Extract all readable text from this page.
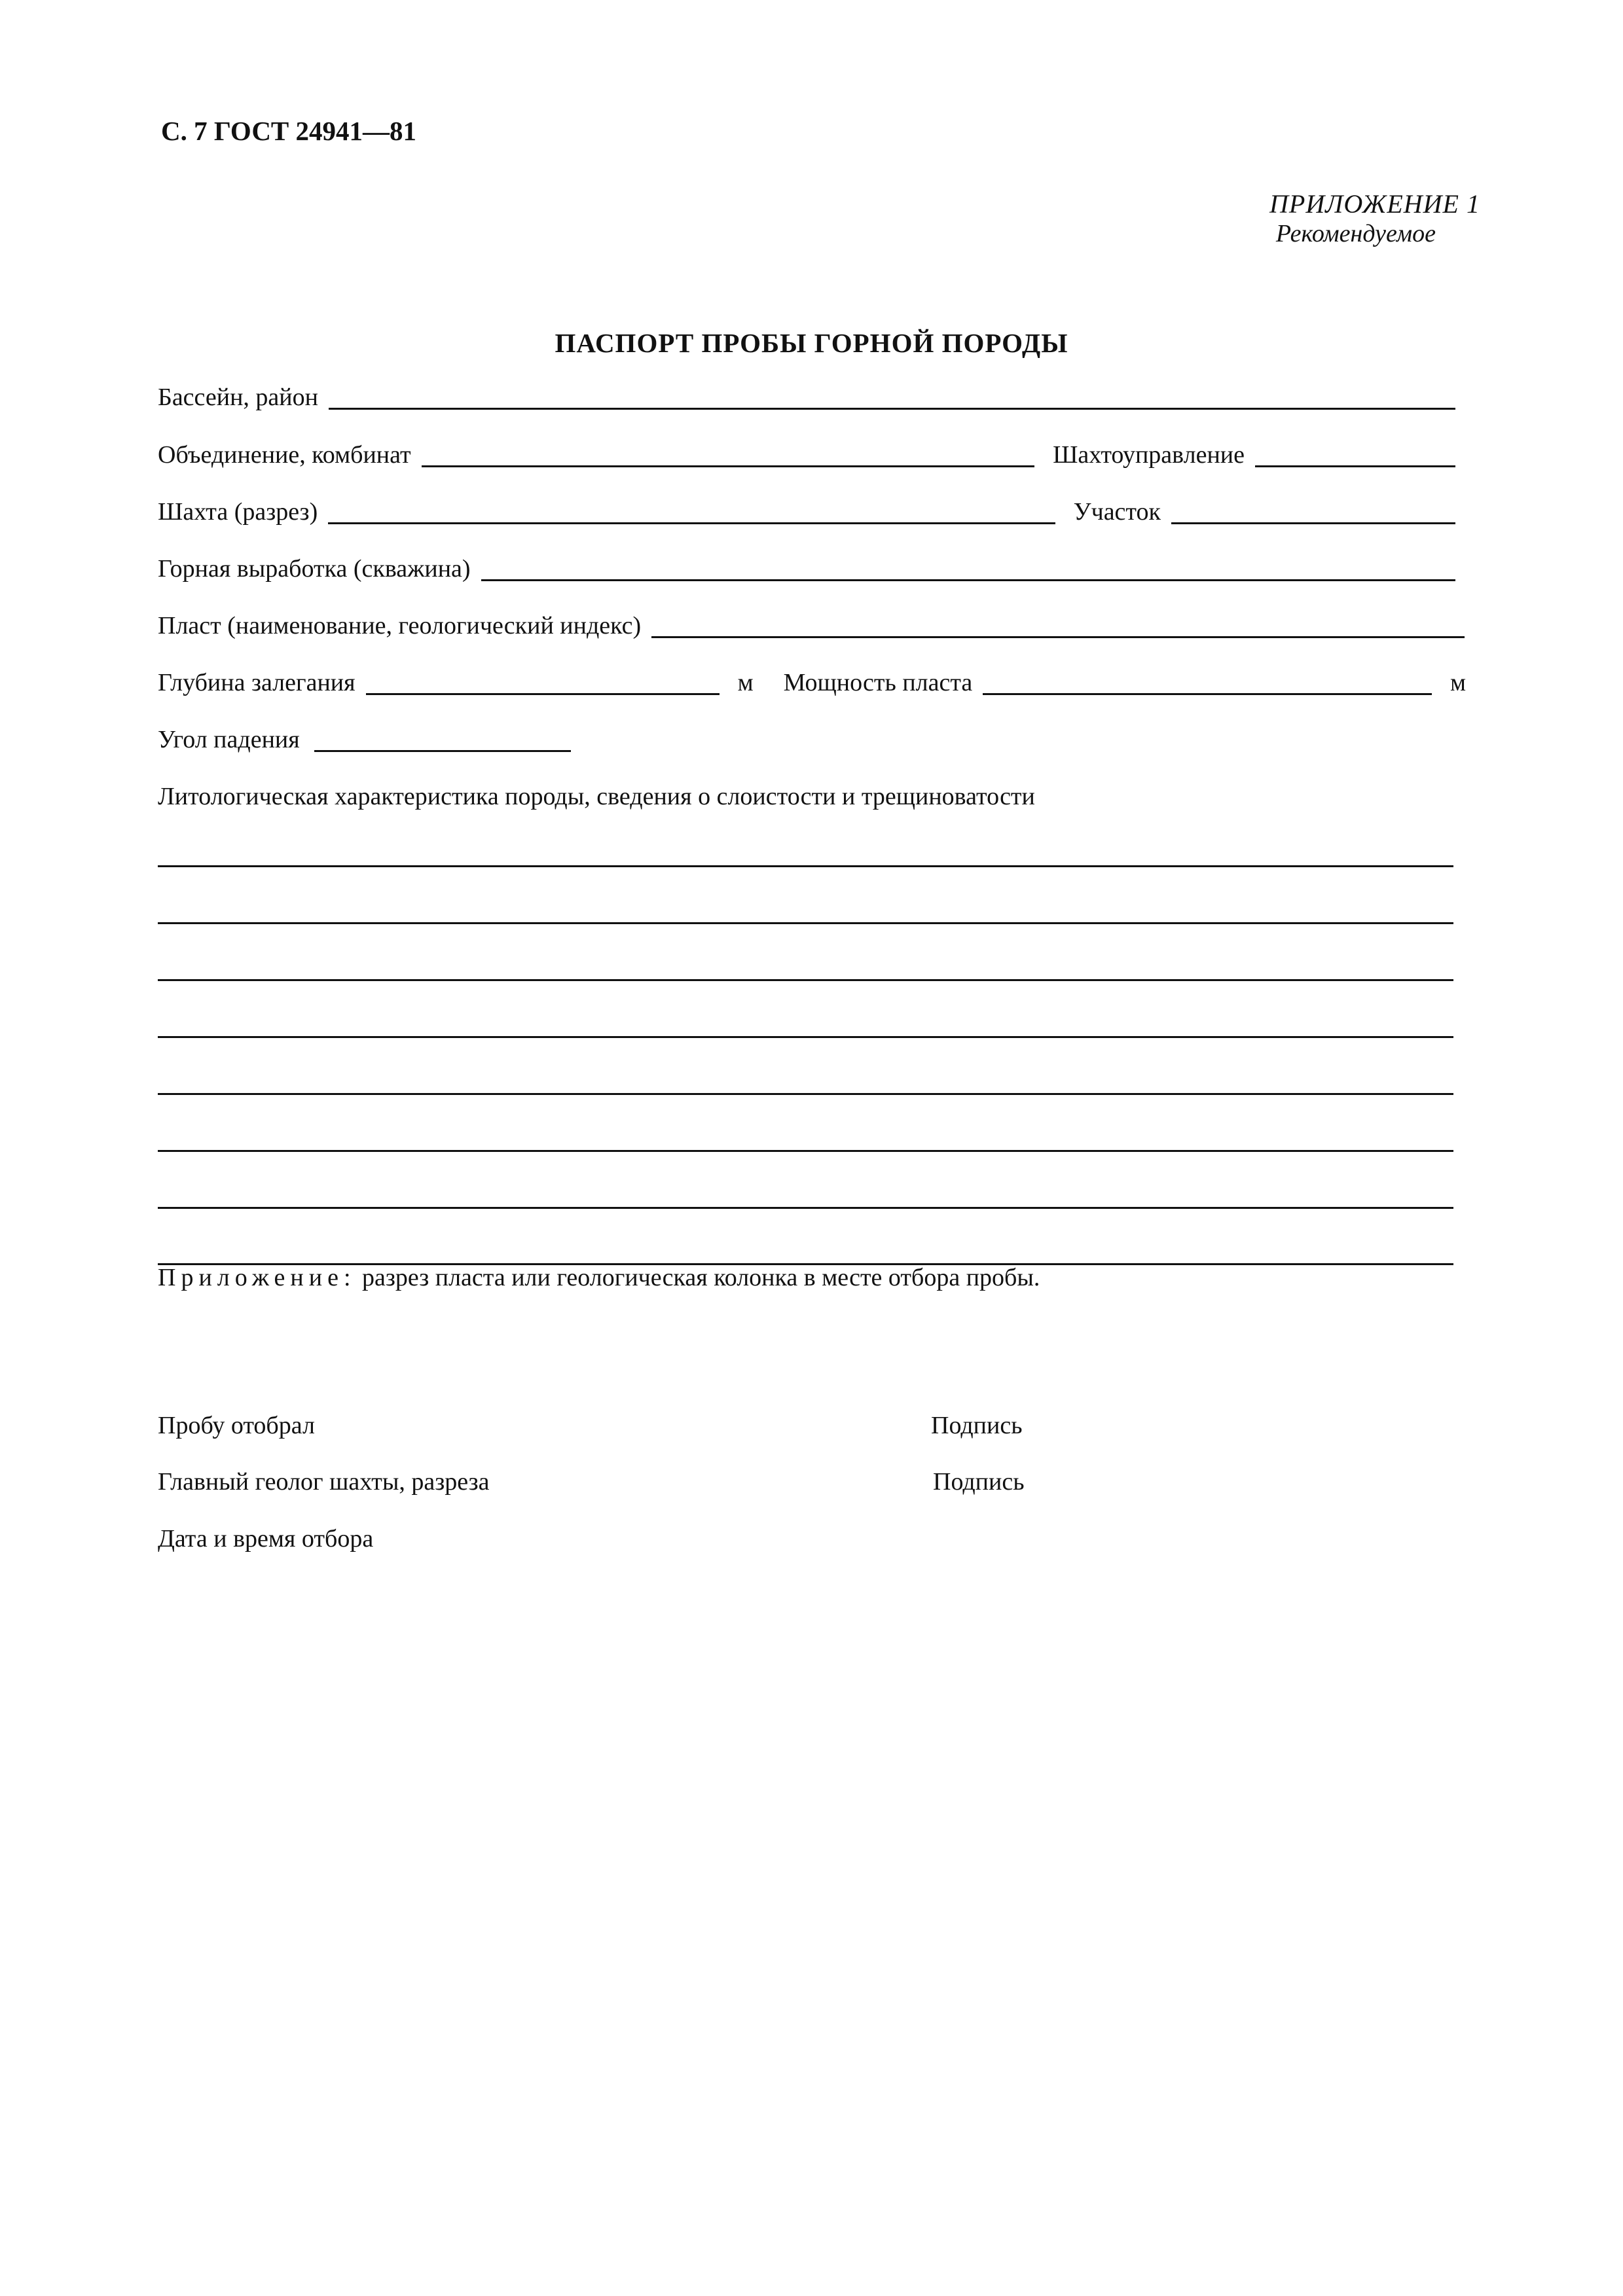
С. 7 ГОСТ 24941—81
ПРИЛОЖЕНИЕ 1
Рекомендуемое
ПАСПОРТ ПРОБЫ ГОРНОЙ ПОРОДЫ
Бассейн, район
Объединение, комбинат	Шахтоуправление
Шахта (разрез)	Участок
Горная выработка (скважина)
Пласт (наименование, геологический индекс)
Глубина залегания	м Мощность пласта	м
Угол падения
Литологическая характеристика породы, сведения о слоистости и трещиноватости
Приложение: разрез пласта или геологическая колонка в месте отбора пробы.
Пробу отобрал	Подпись
Главный геолог шахты, разреза	Подпись
Дата и время отбора
